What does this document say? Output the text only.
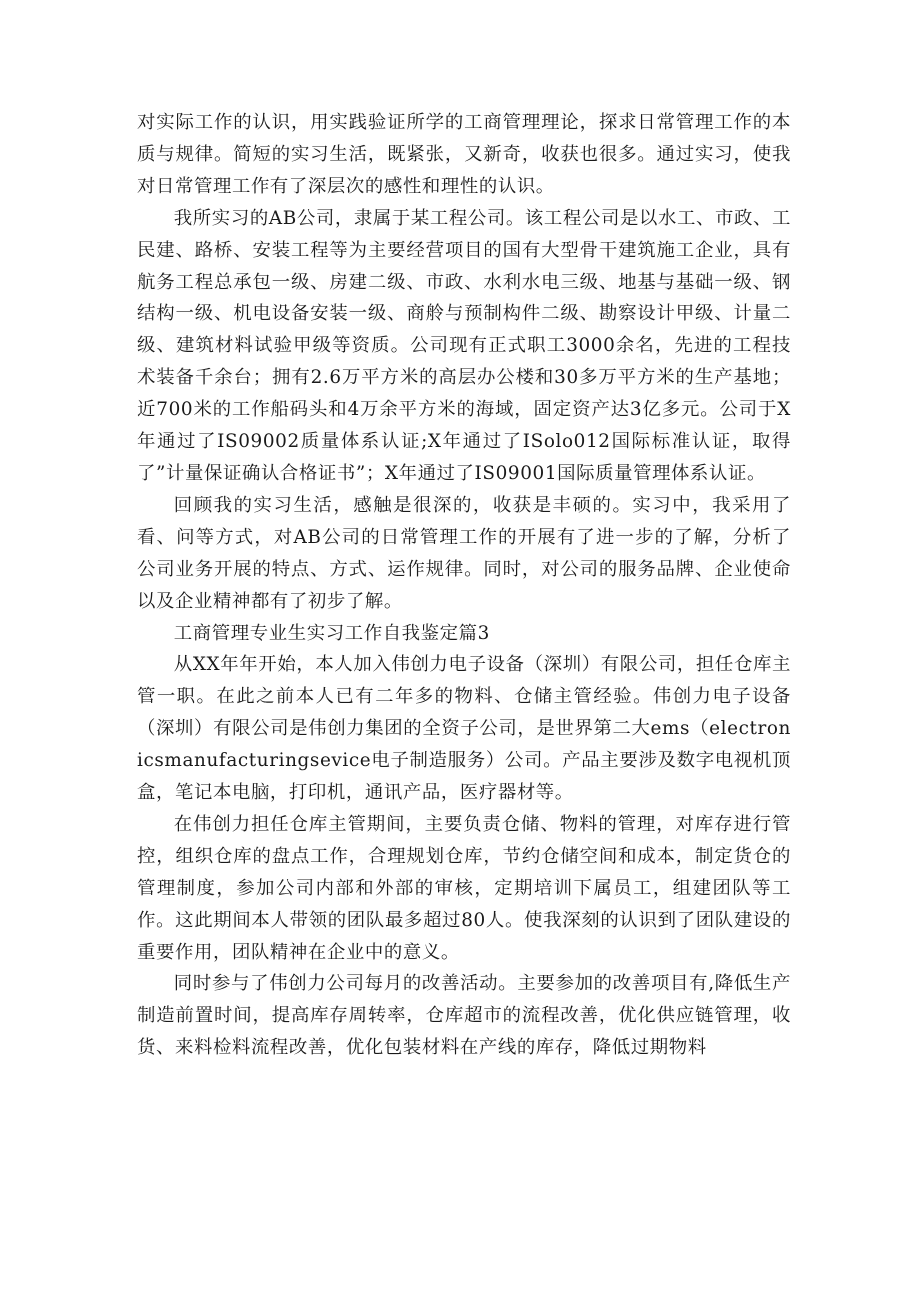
对实际工作的认识，用实践验证所学的工商管理理论，探求日常管理工作的本质与规律。简短的实习生活，既紧张，又新奇，收获也很多。通过实习，使我对日常管理工作有了深层次的感性和理性的认识。

我所实习的AB公司，隶属于某工程公司。该工程公司是以水工、市政、工民建、路桥、安装工程等为主要经营项目的国有大型骨干建筑施工企业，具有航务工程总承包一级、房建二级、市政、水利水电三级、地基与基础一级、钢结构一级、机电设备安装一级、商舲与预制构件二级、勘察设计甲级、计量二级、建筑材料试验甲级等资质。公司现有正式职工3000余名，先进的工程技术装备千余台；拥有2.6万平方米的高层办公楼和30多万平方米的生产基地；近700米的工作船码头和4万余平方米的海域，固定资产达3亿多元。公司于X年通过了IS09002质量体系认证;X年通过了ISolo012国际标准认证，取得了”计量保证确认合格证书”；X年通过了IS09001国际质量管理体系认证。

回顾我的实习生活，感触是很深的，收获是丰硕的。实习中，我采用了看、问等方式，对AB公司的日常管理工作的开展有了进一步的了解，分析了公司业务开展的特点、方式、运作规律。同时，对公司的服务品牌、企业使命以及企业精神都有了初步了解。

工商管理专业生实习工作自我鉴定篇3

从XX年年开始，本人加入伟创力电子设备（深圳）有限公司，担任仓库主管一职。在此之前本人已有二年多的物料、仓储主管经验。伟创力电子设备（深圳）有限公司是伟创力集团的全资子公司，是世界第二大ems（electronicsmanufacturingsevice电子制造服务）公司。产品主要涉及数字电视机顶盒，笔记本电脑，打印机，通讯产品，医疗器材等。

在伟创力担任仓库主管期间，主要负责仓储、物料的管理，对库存进行管控，组织仓库的盘点工作，合理规划仓库，节约仓储空间和成本，制定货仓的管理制度，参加公司内部和外部的审核，定期培训下属员工，组建团队等工作。这此期间本人带领的团队最多超过80人。使我深刻的认识到了团队建设的重要作用，团队精神在企业中的意义。

同时参与了伟创力公司每月的改善活动。主要参加的改善项目有,降低生产制造前置时间，提高库存周转率，仓库超市的流程改善，优化供应链管理，收货、来料检料流程改善，优化包装材料在产线的库存，降低过期物料
